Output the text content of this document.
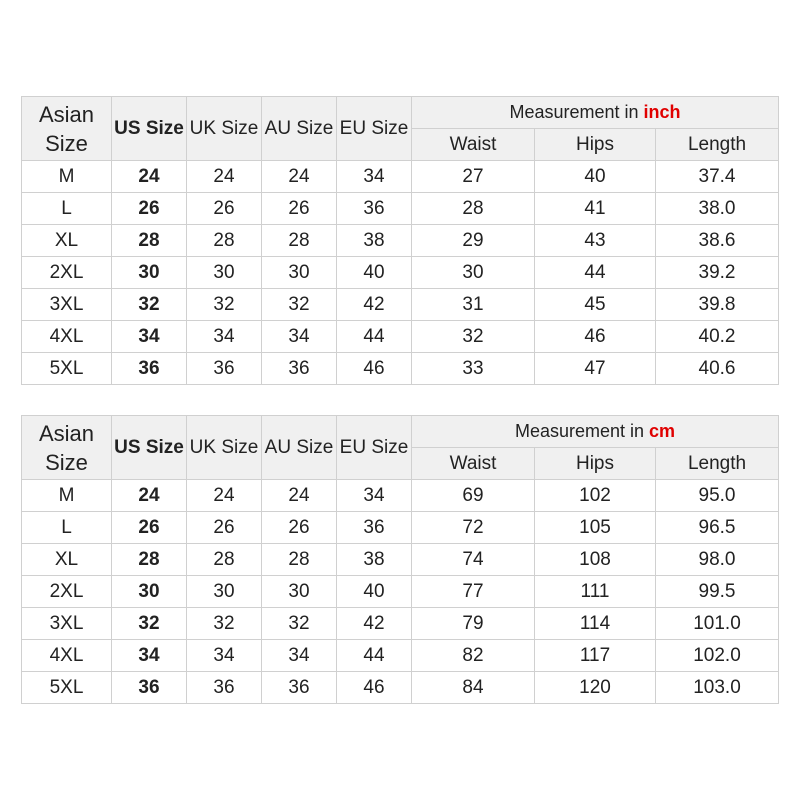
Asian Size	US Size	UK Size	AU Size	EU Size	Measurement in inch		
					Waist	Hips	Length
M	24	24	24	34	27	40	37.4
L	26	26	26	36	28	41	38.0
XL	28	28	28	38	29	43	38.6
2XL	30	30	30	40	30	44	39.2
3XL	32	32	32	42	31	45	39.8
4XL	34	34	34	44	32	46	40.2
5XL	36	36	36	46	33	47	40.6
Asian Size	US Size	UK Size	AU Size	EU Size	Measurement in cm		
					Waist	Hips	Length
M	24	24	24	34	69	102	95.0
L	26	26	26	36	72	105	96.5
XL	28	28	28	38	74	108	98.0
2XL	30	30	30	40	77	111	99.5
3XL	32	32	32	42	79	114	101.0
4XL	34	34	34	44	82	117	102.0
5XL	36	36	36	46	84	120	103.0
